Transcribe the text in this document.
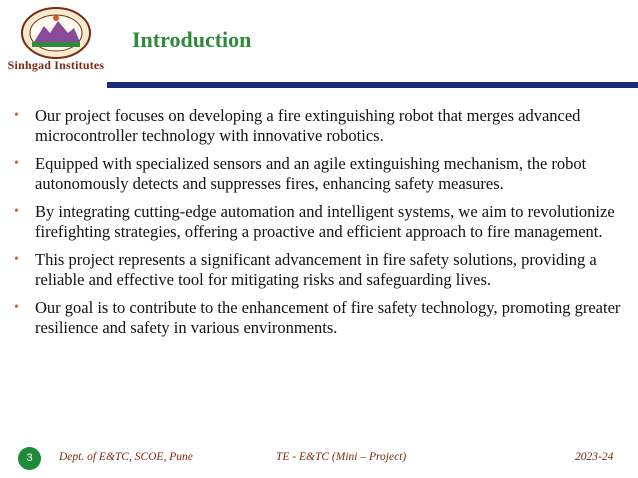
Sinhgad Institutes
Introduction
• Our project focuses on developing a fire extinguishing robot that merges advanced microcontroller technology with innovative robotics.
• Equipped with specialized sensors and an agile extinguishing mechanism, the robot autonomously detects and suppresses fires, enhancing safety measures.
• By integrating cutting-edge automation and intelligent systems, we aim to revolutionize firefighting strategies, offering a proactive and efficient approach to fire management.
• This project represents a significant advancement in fire safety solutions, providing a reliable and effective tool for mitigating risks and safeguarding lives.
• Our goal is to contribute to the enhancement of fire safety technology, promoting greater resilience and safety in various environments.
3	Dept. of E&TC, SCOE, Pune	TE - E&TC (Mini – Project)	2023-24
